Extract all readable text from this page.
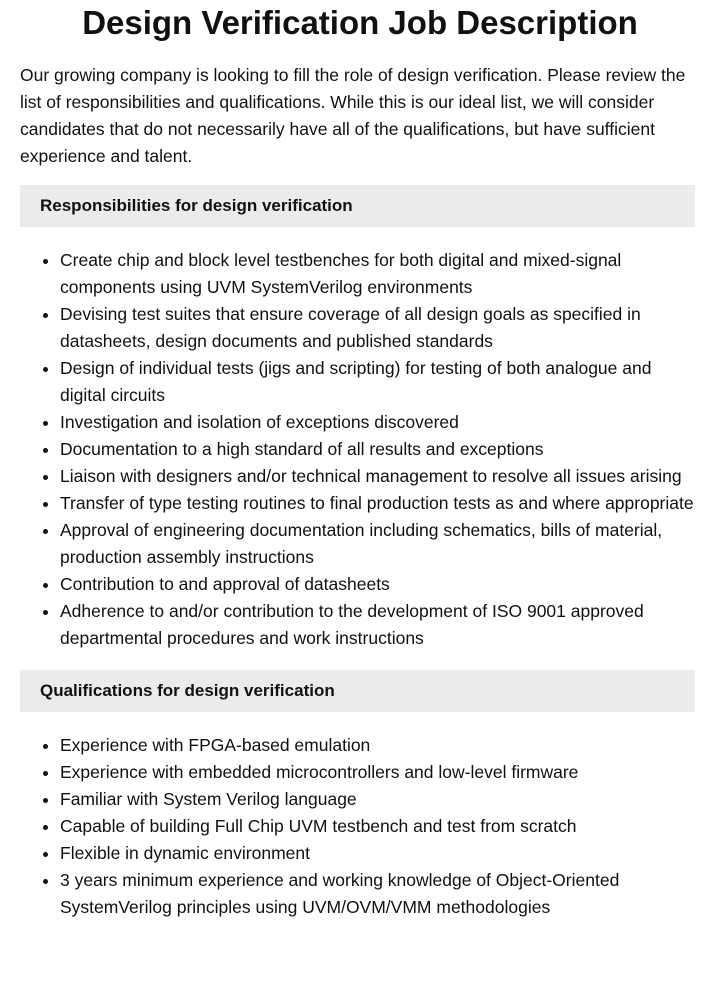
Design Verification Job Description

Our growing company is looking to fill the role of design verification. Please review the list of responsibilities and qualifications. While this is our ideal list, we will consider candidates that do not necessarily have all of the qualifications, but have sufficient experience and talent.

Responsibilities for design verification
• Create chip and block level testbenches for both digital and mixed-signal components using UVM SystemVerilog environments
• Devising test suites that ensure coverage of all design goals as specified in datasheets, design documents and published standards
• Design of individual tests (jigs and scripting) for testing of both analogue and digital circuits
• Investigation and isolation of exceptions discovered
• Documentation to a high standard of all results and exceptions
• Liaison with designers and/or technical management to resolve all issues arising
• Transfer of type testing routines to final production tests as and where appropriate
• Approval of engineering documentation including schematics, bills of material, production assembly instructions
• Contribution to and approval of datasheets
• Adherence to and/or contribution to the development of ISO 9001 approved departmental procedures and work instructions
Qualifications for design verification
• Experience with FPGA-based emulation
• Experience with embedded microcontrollers and low-level firmware
• Familiar with System Verilog language
• Capable of building Full Chip UVM testbench and test from scratch
• Flexible in dynamic environment
• 3 years minimum experience and working knowledge of Object-Oriented SystemVerilog principles using UVM/OVM/VMM methodologies
